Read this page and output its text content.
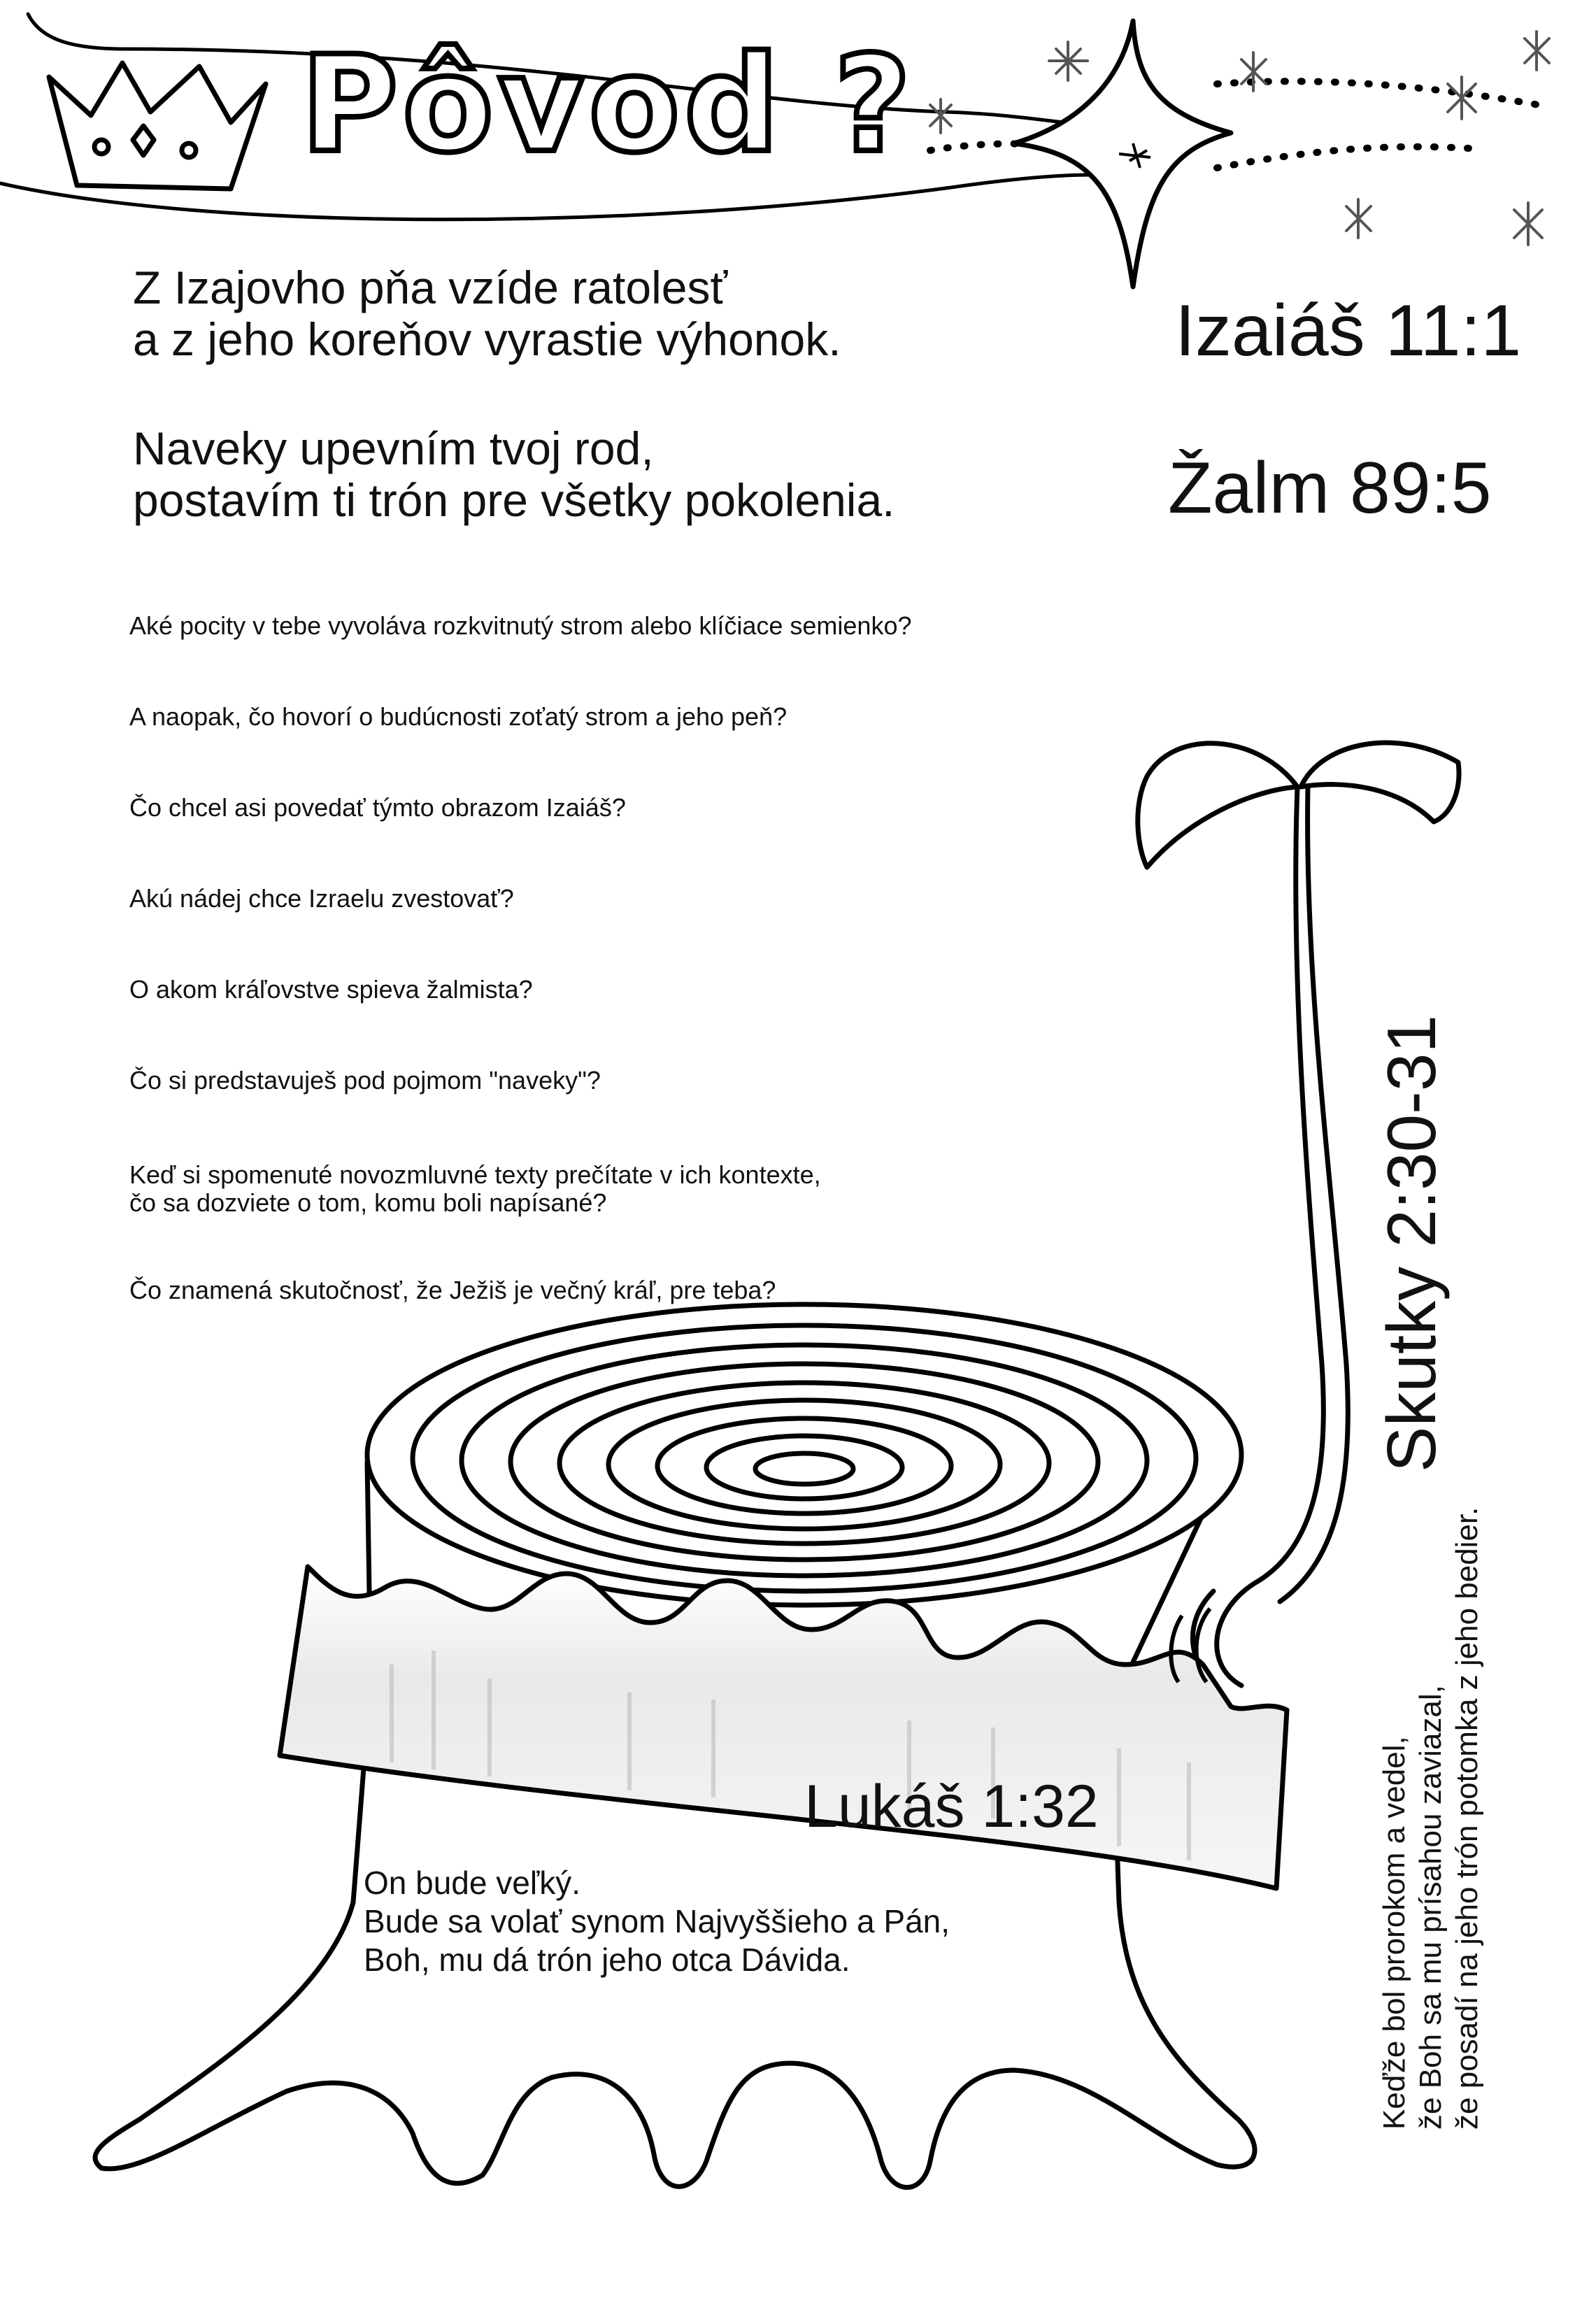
Pôvod ?
Z Izajovho pňa vzíde ratolesť
a z jeho koreňov vyrastie výhonok.	Izaiáš 11:1
Naveky upevním tvoj rod,
postavím ti trón pre všetky pokolenia.	Žalm 89:5
Aké pocity v tebe vyvoláva rozkvitnutý strom alebo klíčiace semienko?
A naopak, čo hovorí o budúcnosti zoťatý strom a jeho peň?
Čo chcel asi povedať týmto obrazom Izaiáš?
Akú nádej chce Izraelu zvestovať?
O akom kráľovstve spieva žalmista?
Čo si predstavuješ pod pojmom "naveky"?
Keď si spomenuté novozmluvné texty prečítate v ich kontexte,
čo sa dozviete o tom, komu boli napísané?
Čo znamená skutočnosť, že Ježiš je večný kráľ, pre teba?
Lukáš 1:32
On bude veľký.
Bude sa volať synom Najvyššieho a Pán,
Boh, mu dá trón jeho otca Dávida.
Skutky 2:30-31
Keďže bol prorokom a vedel, že Boh sa mu prísahou zaviazal, že posadí na jeho trón potomka z jeho bedier.
